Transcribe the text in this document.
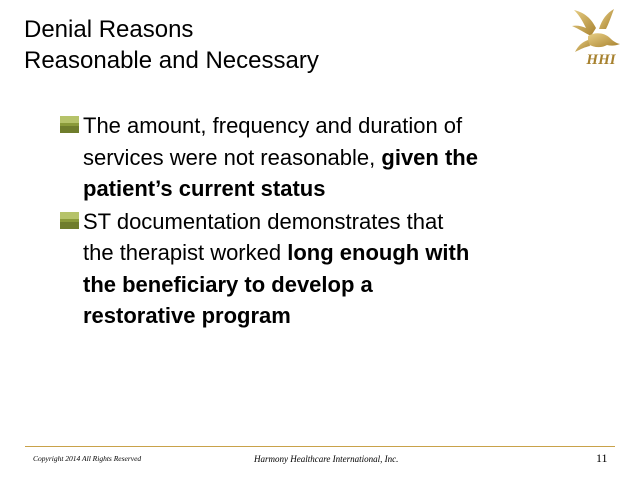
Denial Reasons
Reasonable and Necessary	HHI
The amount, frequency and duration of
services were not reasonable, given the
patient’s current status
ST documentation demonstrates that
the therapist worked long enough with
the beneficiary to develop a
restorative program
Copyright 2014 All Rights Reserved	Harmony Healthcare International, Inc.	11
